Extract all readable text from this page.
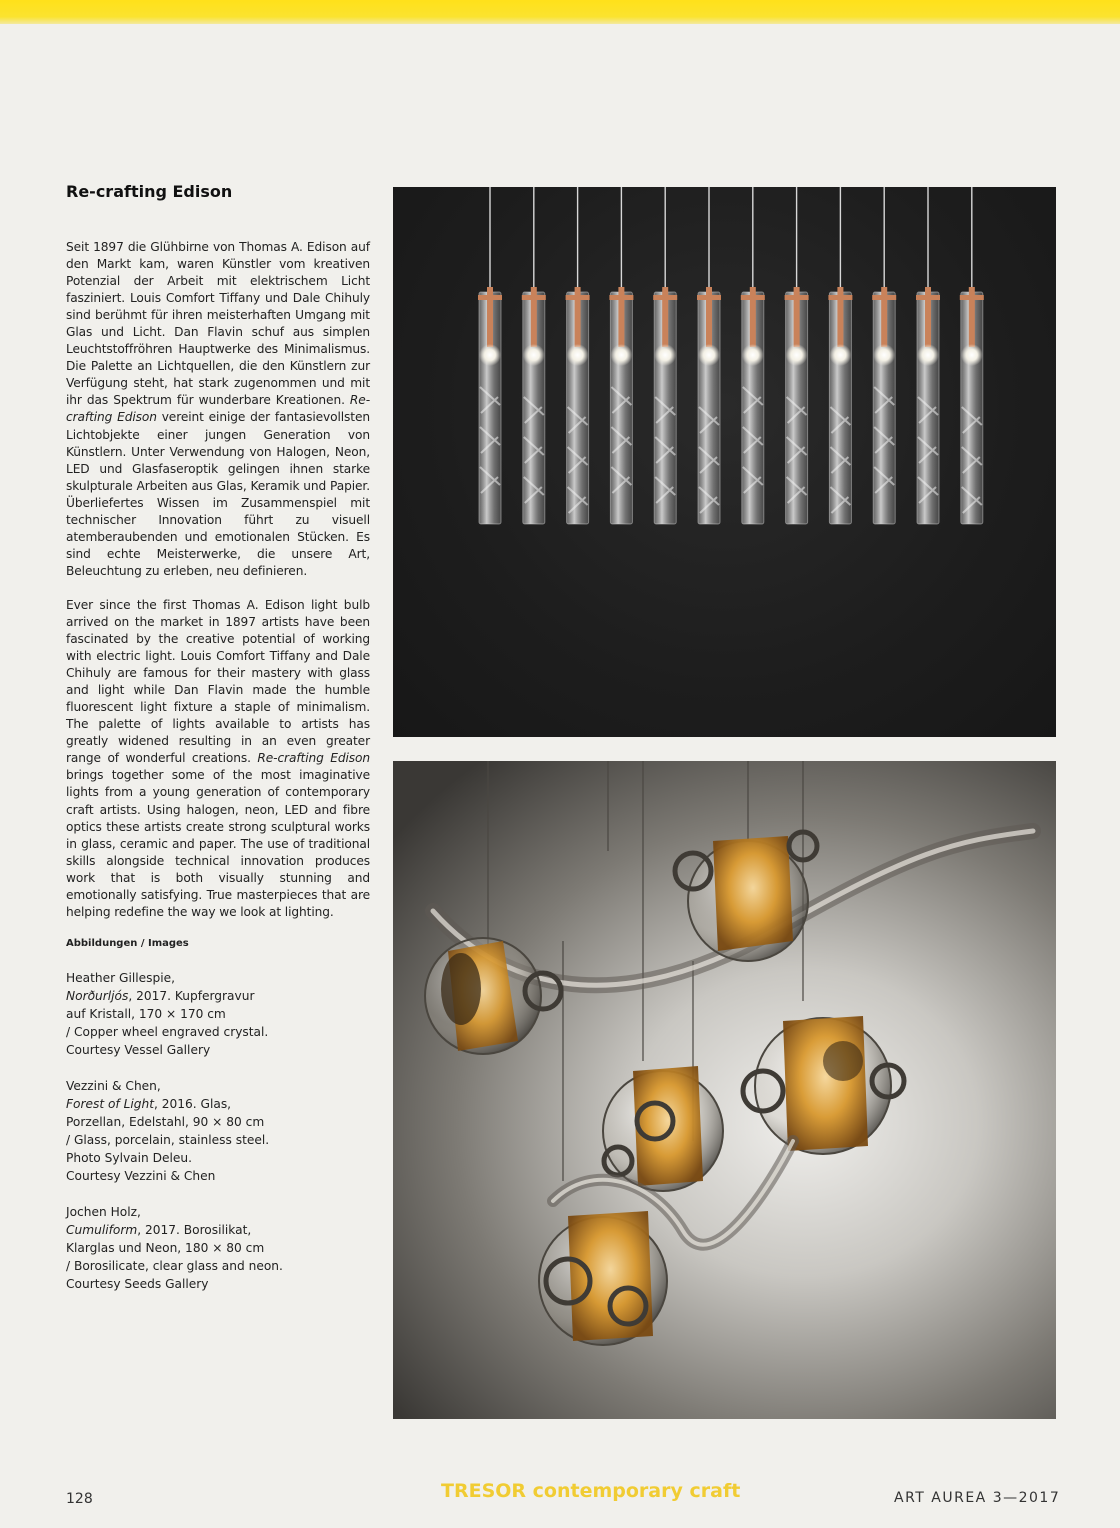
Re-crafting Edison

Seit 1897 die Glühbirne von Thomas A. Edison auf den Markt kam, waren Künstler vom kreativen Potenzial der Arbeit mit elektrischem Licht fasziniert. Louis Comfort Tiffany und Dale Chihuly sind berühmt für ihren meisterhaften Umgang mit Glas und Licht. Dan Flavin schuf aus simplen Leuchtstoffröhren Hauptwerke des Minimalismus. Die Palette an Lichtquellen, die den Künstlern zur Verfügung steht, hat stark zugenommen und mit ihr das Spektrum für wunderbare Kreationen. Re-crafting Edison vereint einige der fantasievollsten Lichtobjekte einer jungen Generation von Künstlern. Unter Verwendung von Halogen, Neon, LED und Glasfaseroptik gelingen ihnen starke skulpturale Arbeiten aus Glas, Keramik und Papier. Überliefertes Wissen im Zusammenspiel mit technischer Innovation führt zu visuell atemberaubenden und emotionalen Stücken. Es sind echte Meisterwerke, die unsere Art, Beleuchtung zu erleben, neu definieren.

Ever since the first Thomas A. Edison light bulb arrived on the market in 1897 artists have been fascinated by the creative potential of working with electric light. Louis Comfort Tiffany and Dale Chihuly are famous for their mastery with glass and light while Dan Flavin made the humble fluorescent light fixture a staple of minimalism. The palette of lights available to artists has greatly widened resulting in an even greater range of wonderful creations. Re-crafting Edison brings together some of the most imaginative lights from a young generation of contemporary craft artists. Using halogen, neon, LED and fibre optics these artists create strong sculptural works in glass, ceramic and paper. The use of traditional skills alongside technical innovation produces work that is both visually stunning and emotionally satisfying. True masterpieces that are helping redefine the way we look at lighting.

Abbildungen / Images
Heather Gillespie,
Norðurljós, 2017. Kupfergravur
auf Kristall, 170 × 170 cm
/ Copper wheel engraved crystal.
Courtesy Vessel Gallery
Vezzini & Chen,
Forest of Light, 2016. Glas,
Porzellan, Edelstahl, 90 × 80 cm
/ Glass, porcelain, stainless steel.
Photo Sylvain Deleu.
Courtesy Vezzini & Chen
Jochen Holz,
Cumuliform, 2017. Borosilikat,
Klarglas und Neon, 180 × 80 cm
/ Borosilicate, clear glass and neon.
Courtesy Seeds Gallery
128	TRESOR contemporary craft	ART AUREA 3—2017
